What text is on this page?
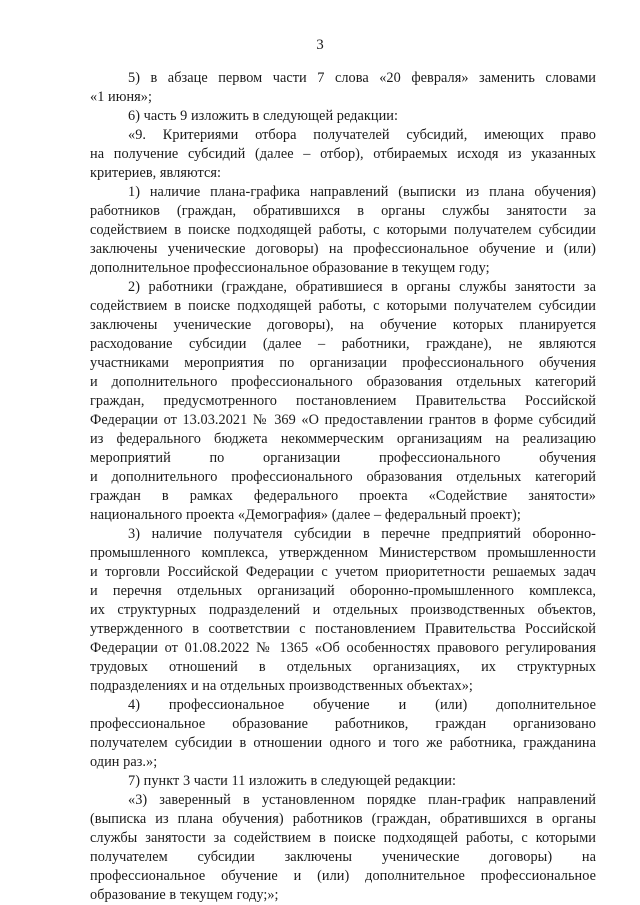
3
5) в абзаце первом части 7 слова «20 февраля» заменить словами
«1 июня»;
6) часть 9 изложить в следующей редакции:
«9. Критериями отбора получателей субсидий, имеющих право
на получение субсидий (далее – отбор), отбираемых исходя из указанных
критериев, являются:
1) наличие плана-графика направлений (выписки из плана обучения)
работников (граждан, обратившихся в органы службы занятости за
содействием в поиске подходящей работы, с которыми получателем субсидии
заключены ученические договоры) на профессиональное обучение и (или)
дополнительное профессиональное образование в текущем году;
2) работники (граждане, обратившиеся в органы службы занятости за
содействием в поиске подходящей работы, с которыми получателем субсидии
заключены ученические договоры), на обучение которых планируется
расходование субсидии (далее – работники, граждане), не являются
участниками мероприятия по организации профессионального обучения
и дополнительного профессионального образования отдельных категорий
граждан, предусмотренного постановлением Правительства Российской
Федерации от 13.03.2021 № 369 «О предоставлении грантов в форме субсидий
из федерального бюджета некоммерческим организациям на реализацию
мероприятий по организации профессионального обучения
и дополнительного профессионального образования отдельных категорий
граждан в рамках федерального проекта «Содействие занятости»
национального проекта «Демография» (далее – федеральный проект);
3) наличие получателя субсидии в перечне предприятий оборонно-
промышленного комплекса, утвержденном Министерством промышленности
и торговли Российской Федерации с учетом приоритетности решаемых задач
и перечня отдельных организаций оборонно-промышленного комплекса,
их структурных подразделений и отдельных производственных объектов,
утвержденного в соответствии с постановлением Правительства Российской
Федерации от 01.08.2022 № 1365 «Об особенностях правового регулирования
трудовых отношений в отдельных организациях, их структурных
подразделениях и на отдельных производственных объектах»;
4) профессиональное обучение и (или) дополнительное
профессиональное образование работников, граждан организовано
получателем субсидии в отношении одного и того же работника, гражданина
один раз.»;
7) пункт 3 части 11 изложить в следующей редакции:
«3) заверенный в установленном порядке план-график направлений
(выписка из плана обучения) работников (граждан, обратившихся в органы
службы занятости за содействием в поиске подходящей работы, с которыми
получателем субсидии заключены ученические договоры) на
профессиональное обучение и (или) дополнительное профессиональное
образование в текущем году;»;
